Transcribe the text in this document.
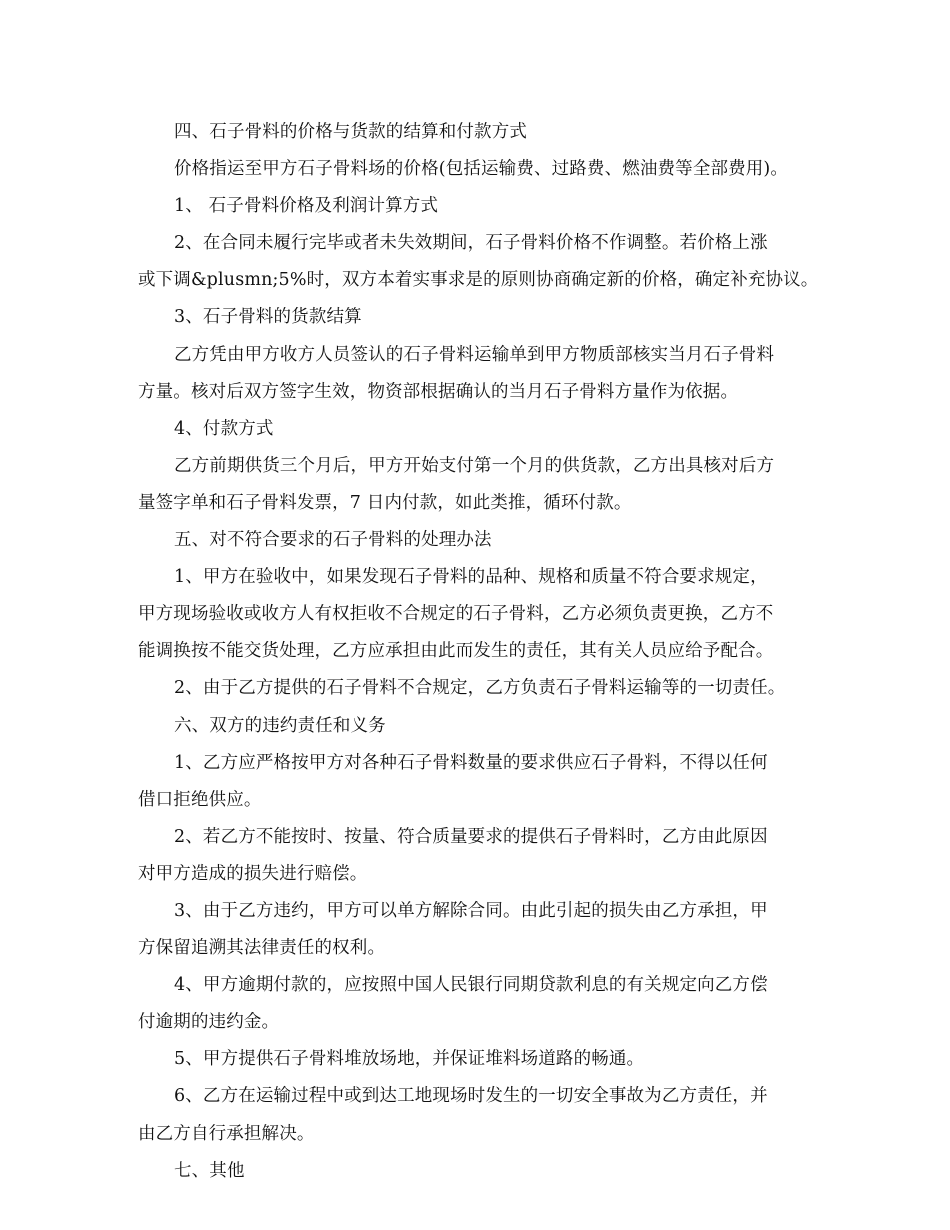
四、石子骨料的价格与货款的结算和付款方式
价格指运至甲方石子骨料场的价格(包括运输费、过路费、燃油费等全部费用)。
1、 石子骨料价格及利润计算方式
2、在合同未履行完毕或者未失效期间，石子骨料价格不作调整。若价格上涨
或下调&plusmn;5%时，双方本着实事求是的原则协商确定新的价格，确定补充协议。
3、石子骨料的货款结算
乙方凭由甲方收方人员签认的石子骨料运输单到甲方物质部核实当月石子骨料
方量。核对后双方签字生效，物资部根据确认的当月石子骨料方量作为依据。
4、付款方式
乙方前期供货三个月后，甲方开始支付第一个月的供货款，乙方出具核对后方
量签字单和石子骨料发票，7 日内付款，如此类推，循环付款。
五、对不符合要求的石子骨料的处理办法
1、甲方在验收中，如果发现石子骨料的品种、规格和质量不符合要求规定，
甲方现场验收或收方人有权拒收不合规定的石子骨料，乙方必须负责更换，乙方不
能调换按不能交货处理，乙方应承担由此而发生的责任，其有关人员应给予配合。
2、由于乙方提供的石子骨料不合规定，乙方负责石子骨料运输等的一切责任。
六、双方的违约责任和义务
1、乙方应严格按甲方对各种石子骨料数量的要求供应石子骨料，不得以任何
借口拒绝供应。
2、若乙方不能按时、按量、符合质量要求的提供石子骨料时，乙方由此原因
对甲方造成的损失进行赔偿。
3、由于乙方违约，甲方可以单方解除合同。由此引起的损失由乙方承担，甲
方保留追溯其法律责任的权利。
4、甲方逾期付款的，应按照中国人民银行同期贷款利息的有关规定向乙方偿
付逾期的违约金。
5、甲方提供石子骨料堆放场地，并保证堆料场道路的畅通。
6、乙方在运输过程中或到达工地现场时发生的一切安全事故为乙方责任，并
由乙方自行承担解决。
七、其他
